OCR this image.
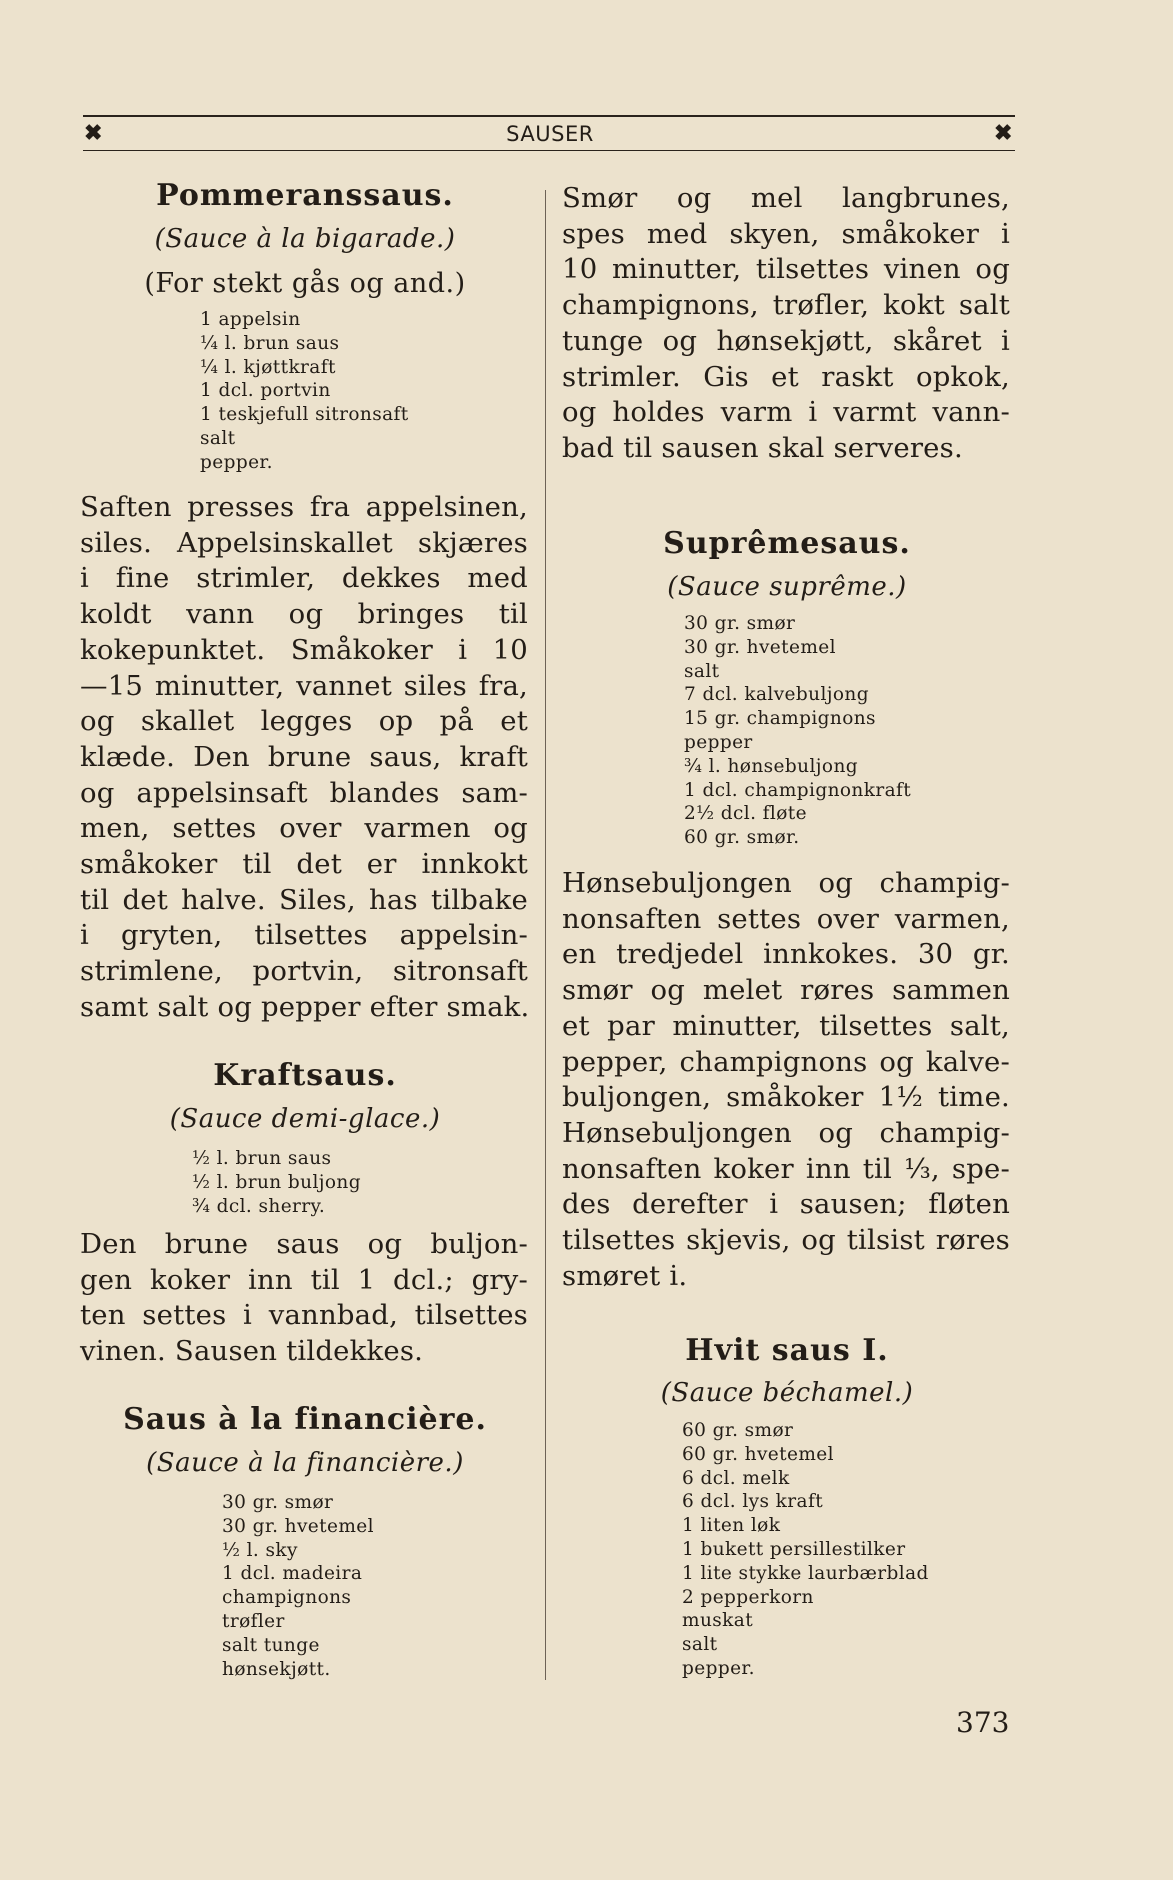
✖	SAUSER	✖
Pommeranssaus.
(Sauce à la bigarade.)
(For stekt gås og and.)
1 appelsin
¼ l. brun saus
¼ l. kjøttkraft
1 dcl. portvin
1 teskjefull sitronsaft
salt
pepper.
Saften presses fra appelsinen,
siles. Appelsinskallet skjæres
i fine strimler, dekkes med
koldt vann og bringes til
kokepunktet. Småkoker i 10
—15 minutter, vannet siles fra,
og skallet legges op på et
klæde. Den brune saus, kraft
og appelsinsaft blandes sam-
men, settes over varmen og
småkoker til det er innkokt
til det halve. Siles, has tilbake
i gryten, tilsettes appelsin-
strimlene, portvin, sitronsaft
samt salt og pepper efter smak.
Kraftsaus.
(Sauce demi-glace.)
½ l. brun saus
½ l. brun buljong
¾ dcl. sherry.
Den brune saus og buljon-
gen koker inn til 1 dcl.; gry-
ten settes i vannbad, tilsettes
vinen. Sausen tildekkes.
Saus à la financière.
(Sauce à la financière.)
30 gr. smør
30 gr. hvetemel
½ l. sky
1 dcl. madeira
champignons
trøfler
salt tunge
hønsekjøtt.
Smør og mel langbrunes,
spes med skyen, småkoker i
10 minutter, tilsettes vinen og
champignons, trøfler, kokt salt
tunge og hønsekjøtt, skåret i
strimler. Gis et raskt opkok,
og holdes varm i varmt vann-
bad til sausen skal serveres.
Suprêmesaus.
(Sauce suprême.)
30 gr. smør
30 gr. hvetemel
salt
7 dcl. kalvebuljong
15 gr. champignons
pepper
¾ l. hønsebuljong
1 dcl. champignonkraft
2½ dcl. fløte
60 gr. smør.
Hønsebuljongen og champig-
nonsaften settes over varmen,
en tredjedel innkokes. 30 gr.
smør og melet røres sammen
et par minutter, tilsettes salt,
pepper, champignons og kalve-
buljongen, småkoker 1½ time.
Hønsebuljongen og champig-
nonsaften koker inn til ⅓, spe-
des derefter i sausen; fløten
tilsettes skjevis, og tilsist røres
smøret i.
Hvit saus I.
(Sauce béchamel.)
60 gr. smør
60 gr. hvetemel
6 dcl. melk
6 dcl. lys kraft
1 liten løk
1 bukett persillestilker
1 lite stykke laurbærblad
2 pepperkorn
muskat
salt
pepper.
373
